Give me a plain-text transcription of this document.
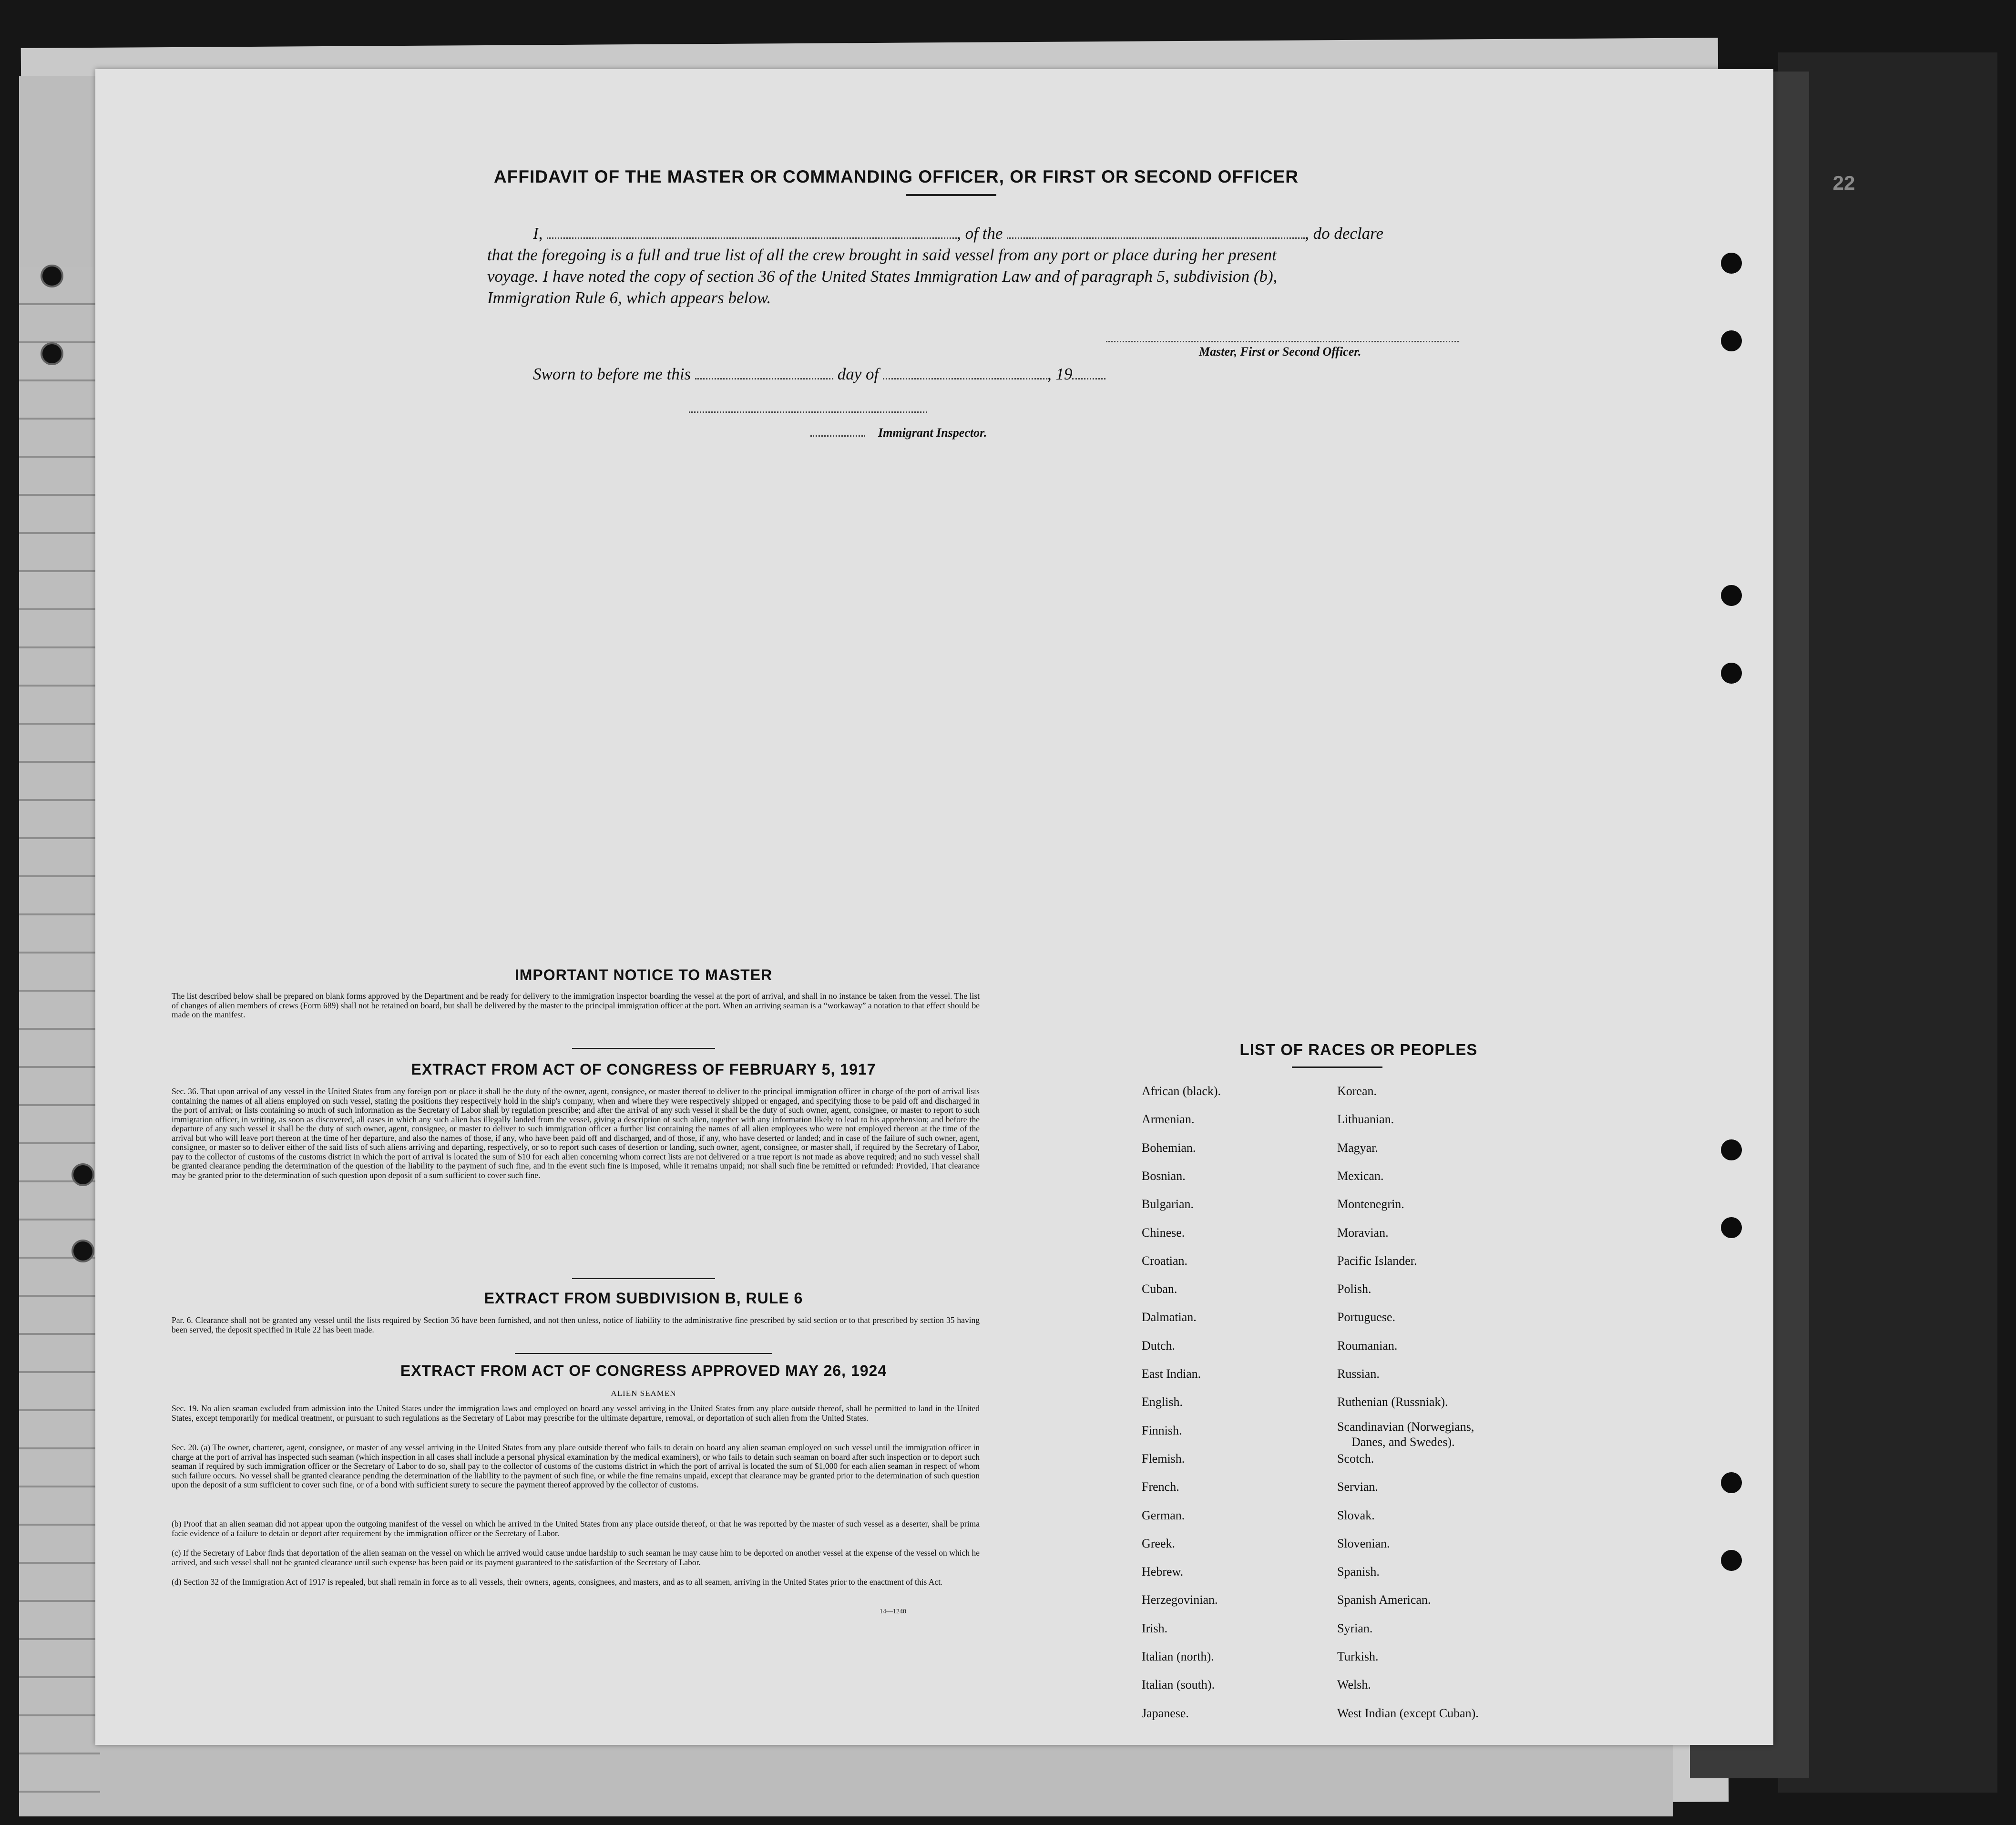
22
AFFIDAVIT OF THE MASTER OR COMMANDING OFFICER, OR FIRST OR SECOND OFFICER

I,	, of the	, do declare

that the foregoing is a full and true list of all the crew brought in said vessel from any port or place during her present

voyage. I have noted the copy of section 36 of the United States Immigration Law and of paragraph 5, subdivision (b),

Immigration Rule 6, which appears below.

Master, First or Second Officer.

Sworn to before me this	day of	, 19

Immigrant Inspector.

IMPORTANT NOTICE TO MASTER

The list described below shall be prepared on blank forms approved by the Department and be ready for delivery to the immigration inspector boarding the vessel at the port of arrival, and shall in no instance be taken from the vessel. The list of changes of alien members of crews (Form 689) shall not be retained on board, but shall be delivered by the master to the principal immigration officer at the port. When an arriving seaman is a “workaway” a notation to that effect should be made on the manifest.

EXTRACT FROM ACT OF CONGRESS OF FEBRUARY 5, 1917

Sec. 36. That upon arrival of any vessel in the United States from any foreign port or place it shall be the duty of the owner, agent, consignee, or master thereof to deliver to the principal immigration officer in charge of the port of arrival lists containing the names of all aliens employed on such vessel, stating the positions they respectively hold in the ship's company, when and where they were respectively shipped or engaged, and specifying those to be paid off and discharged in the port of arrival; or lists containing so much of such information as the Secretary of Labor shall by regulation prescribe; and after the arrival of any such vessel it shall be the duty of such owner, agent, consignee, or master to report to such immigration officer, in writing, as soon as discovered, all cases in which any such alien has illegally landed from the vessel, giving a description of such alien, together with any information likely to lead to his apprehension; and before the departure of any such vessel it shall be the duty of such owner, agent, consignee, or master to deliver to such immigration officer a further list containing the names of all alien employees who were not employed thereon at the time of the arrival but who will leave port thereon at the time of her departure, and also the names of those, if any, who have been paid off and discharged, and of those, if any, who have deserted or landed; and in case of the failure of such owner, agent, consignee, or master so to deliver either of the said lists of such aliens arriving and departing, respectively, or so to report such cases of desertion or landing, such owner, agent, consignee, or master shall, if required by the Secretary of Labor, pay to the collector of customs of the customs district in which the port of arrival is located the sum of $10 for each alien concerning whom correct lists are not delivered or a true report is not made as above required; and no such vessel shall be granted clearance pending the determination of the question of the liability to the payment of such fine, and in the event such fine is imposed, while it remains unpaid; nor shall such fine be remitted or refunded: Provided, That clearance may be granted prior to the determination of such question upon deposit of a sum sufficient to cover such fine.

EXTRACT FROM SUBDIVISION B, RULE 6

Par. 6. Clearance shall not be granted any vessel until the lists required by Section 36 have been furnished, and not then unless, notice of liability to the administrative fine prescribed by said section or to that prescribed by section 35 having been served, the deposit specified in Rule 22 has been made.

EXTRACT FROM ACT OF CONGRESS APPROVED MAY 26, 1924

ALIEN SEAMEN

Sec. 19. No alien seaman excluded from admission into the United States under the immigration laws and employed on board any vessel arriving in the United States from any place outside thereof, shall be permitted to land in the United States, except temporarily for medical treatment, or pursuant to such regulations as the Secretary of Labor may prescribe for the ultimate departure, removal, or deportation of such alien from the United States.

Sec. 20. (a) The owner, charterer, agent, consignee, or master of any vessel arriving in the United States from any place outside thereof who fails to detain on board any alien seaman employed on such vessel until the immigration officer in charge at the port of arrival has inspected such seaman (which inspection in all cases shall include a personal physical examination by the medical examiners), or who fails to detain such seaman on board after such inspection or to deport such seaman if required by such immigration officer or the Secretary of Labor to do so, shall pay to the collector of customs of the customs district in which the port of arrival is located the sum of $1,000 for each alien seaman in respect of whom such failure occurs. No vessel shall be granted clearance pending the determination of the liability to the payment of such fine, or while the fine remains unpaid, except that clearance may be granted prior to the determination of such question upon the deposit of a sum sufficient to cover such fine, or of a bond with sufficient surety to secure the payment thereof approved by the collector of customs.

(b) Proof that an alien seaman did not appear upon the outgoing manifest of the vessel on which he arrived in the United States from any place outside thereof, or that he was reported by the master of such vessel as a deserter, shall be prima facie evidence of a failure to detain or deport after requirement by the immigration officer or the Secretary of Labor.

(c) If the Secretary of Labor finds that deportation of the alien seaman on the vessel on which he arrived would cause undue hardship to such seaman he may cause him to be deported on another vessel at the expense of the vessel on which he arrived, and such vessel shall not be granted clearance until such expense has been paid or its payment guaranteed to the satisfaction of the Secretary of Labor.

(d) Section 32 of the Immigration Act of 1917 is repealed, but shall remain in force as to all vessels, their owners, agents, consignees, and masters, and as to all seamen, arriving in the United States prior to the enactment of this Act.

14—1240

LIST OF RACES OR PEOPLES
African (black).
Armenian.
Bohemian.
Bosnian.
Bulgarian.
Chinese.
Croatian.
Cuban.
Dalmatian.
Dutch.
East Indian.
English.
Finnish.
Flemish.
French.
German.
Greek.
Hebrew.
Herzegovinian.
Irish.
Italian (north).
Italian (south).
Japanese.
Korean.
Lithuanian.
Magyar.
Mexican.
Montenegrin.
Moravian.
Pacific Islander.
Polish.
Portuguese.
Roumanian.
Russian.
Ruthenian (Russniak).
Scandinavian (Norwegians,
Danes, and Swedes).
Scotch.
Servian.
Slovak.
Slovenian.
Spanish.
Spanish American.
Syrian.
Turkish.
Welsh.
West Indian (except Cuban).
